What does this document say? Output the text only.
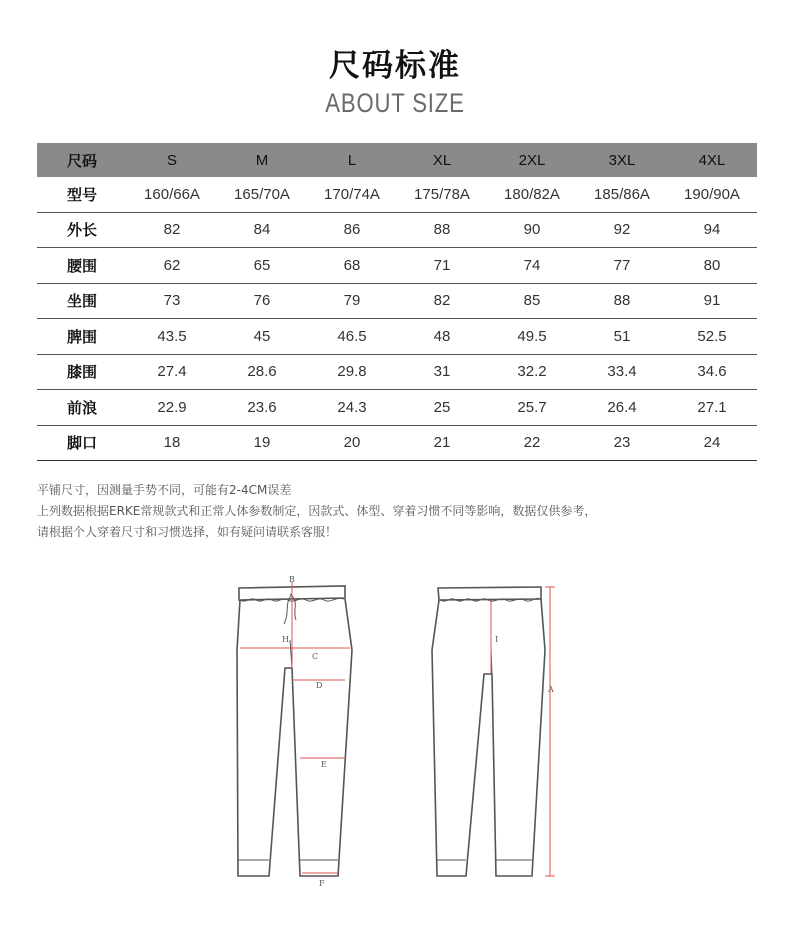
尺码标准
ABOUT SIZE
尺码	S	M	L	XL	2XL	3XL	4XL
型号	160/66A	165/70A	170/74A	175/78A	180/82A	185/86A	190/90A
外长	82	84	86	88	90	92	94
腰围	62	65	68	71	74	77	80
坐围	73	76	79	82	85	88	91
脾围	43.5	45	46.5	48	49.5	51	52.5
膝围	27.4	28.6	29.8	31	32.2	33.4	34.6
前浪	22.9	23.6	24.3	25	25.7	26.4	27.1
脚口	18	19	20	21	22	23	24
平铺尺寸，因测量手势不同，可能有2-4CM误差
上列数据根据ERKE常规款式和正常人体参数制定，因款式、体型、穿着习惯不同等影响，数据仅供参考，
请根据个人穿着尺寸和习惯选择，如有疑问请联系客服！
B
H
C
D
E
F
I
A
